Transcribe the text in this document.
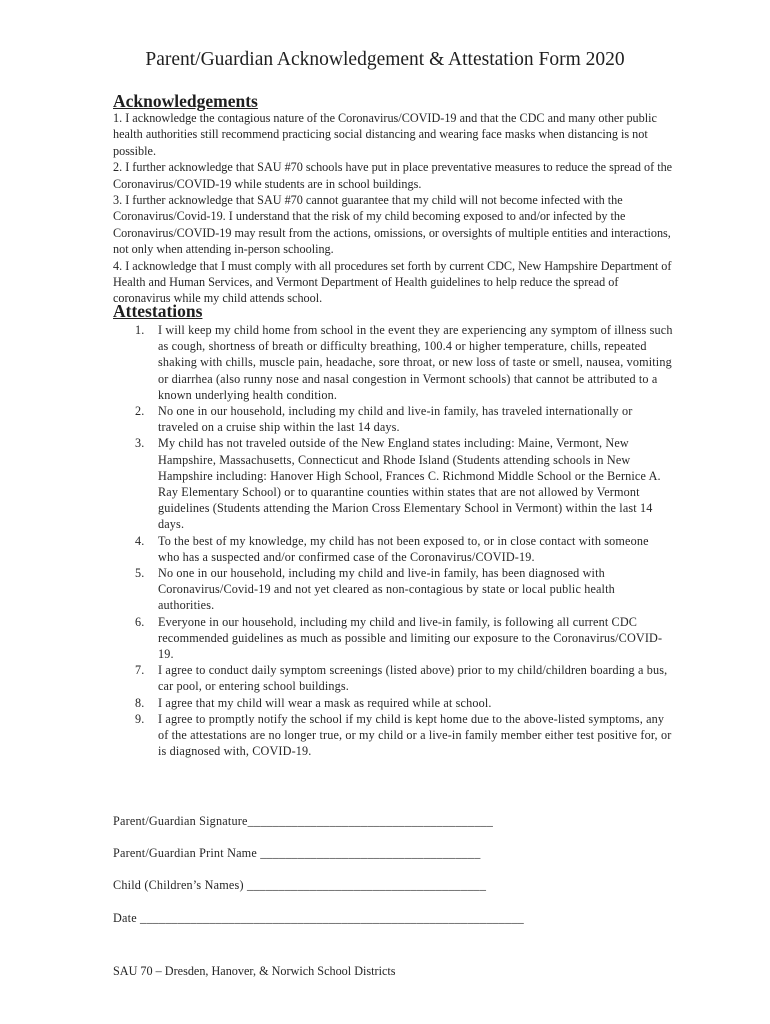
Parent/Guardian Acknowledgement & Attestation Form 2020
Acknowledgements

1. I acknowledge the contagious nature of the Coronavirus/COVID-19 and that the CDC and many other public health authorities still recommend practicing social distancing and wearing face masks when distancing is not possible.

2. I further acknowledge that SAU #70 schools have put in place preventative measures to reduce the spread of the Coronavirus/COVID-19 while students are in school buildings.

3. I further acknowledge that SAU #70 cannot guarantee that my child will not become infected with the Coronavirus/Covid-19. I understand that the risk of my child becoming exposed to and/or infected by the Coronavirus/COVID-19 may result from the actions, omissions, or oversights of multiple entities and interactions, not only when attending in-person schooling.

4. I acknowledge that I must comply with all procedures set forth by current CDC, New Hampshire Department of Health and Human Services, and Vermont Department of Health guidelines to help reduce the spread of coronavirus while my child attends school.

Attestations
1. I will keep my child home from school in the event they are experiencing any symptom of illness such as cough, shortness of breath or difficulty breathing, 100.4 or higher temperature, chills, repeated shaking with chills, muscle pain, headache, sore throat, or new loss of taste or smell, nausea, vomiting or diarrhea (also runny nose and nasal congestion in Vermont schools) that cannot be attributed to a known underlying health condition.
2. No one in our household, including my child and live-in family, has traveled internationally or traveled on a cruise ship within the last 14 days.
3. My child has not traveled outside of the New England states including: Maine, Vermont, New Hampshire, Massachusetts, Connecticut and Rhode Island (Students attending schools in New Hampshire including: Hanover High School, Frances C. Richmond Middle School or the Bernice A. Ray Elementary School) or to quarantine counties within states that are not allowed by Vermont guidelines (Students attending the Marion Cross Elementary School in Vermont) within the last 14 days.
4. To the best of my knowledge, my child has not been exposed to, or in close contact with someone who has a suspected and/or confirmed case of the Coronavirus/COVID-19.
5. No one in our household, including my child and live-in family, has been diagnosed with Coronavirus/Covid-19 and not yet cleared as non-contagious by state or local public health authorities.
6. Everyone in our household, including my child and live-in family, is following all current CDC recommended guidelines as much as possible and limiting our exposure to the Coronavirus/COVID-19.
7. I agree to conduct daily symptom screenings (listed above) prior to my child/children boarding a bus, car pool, or entering school buildings.
8. I agree that my child will wear a mask as required while at school.
9. I agree to promptly notify the school if my child is kept home due to the above-listed symptoms, any of the attestations are no longer true, or my child or a live-in family member either test positive for, or is diagnosed with, COVID-19.
Parent/Guardian Signature_______________________________________
Parent/Guardian Print Name ___________________________________
Child (Children’s Names) ______________________________________
Date _____________________________________________________________
SAU 70 – Dresden, Hanover, & Norwich School Districts
